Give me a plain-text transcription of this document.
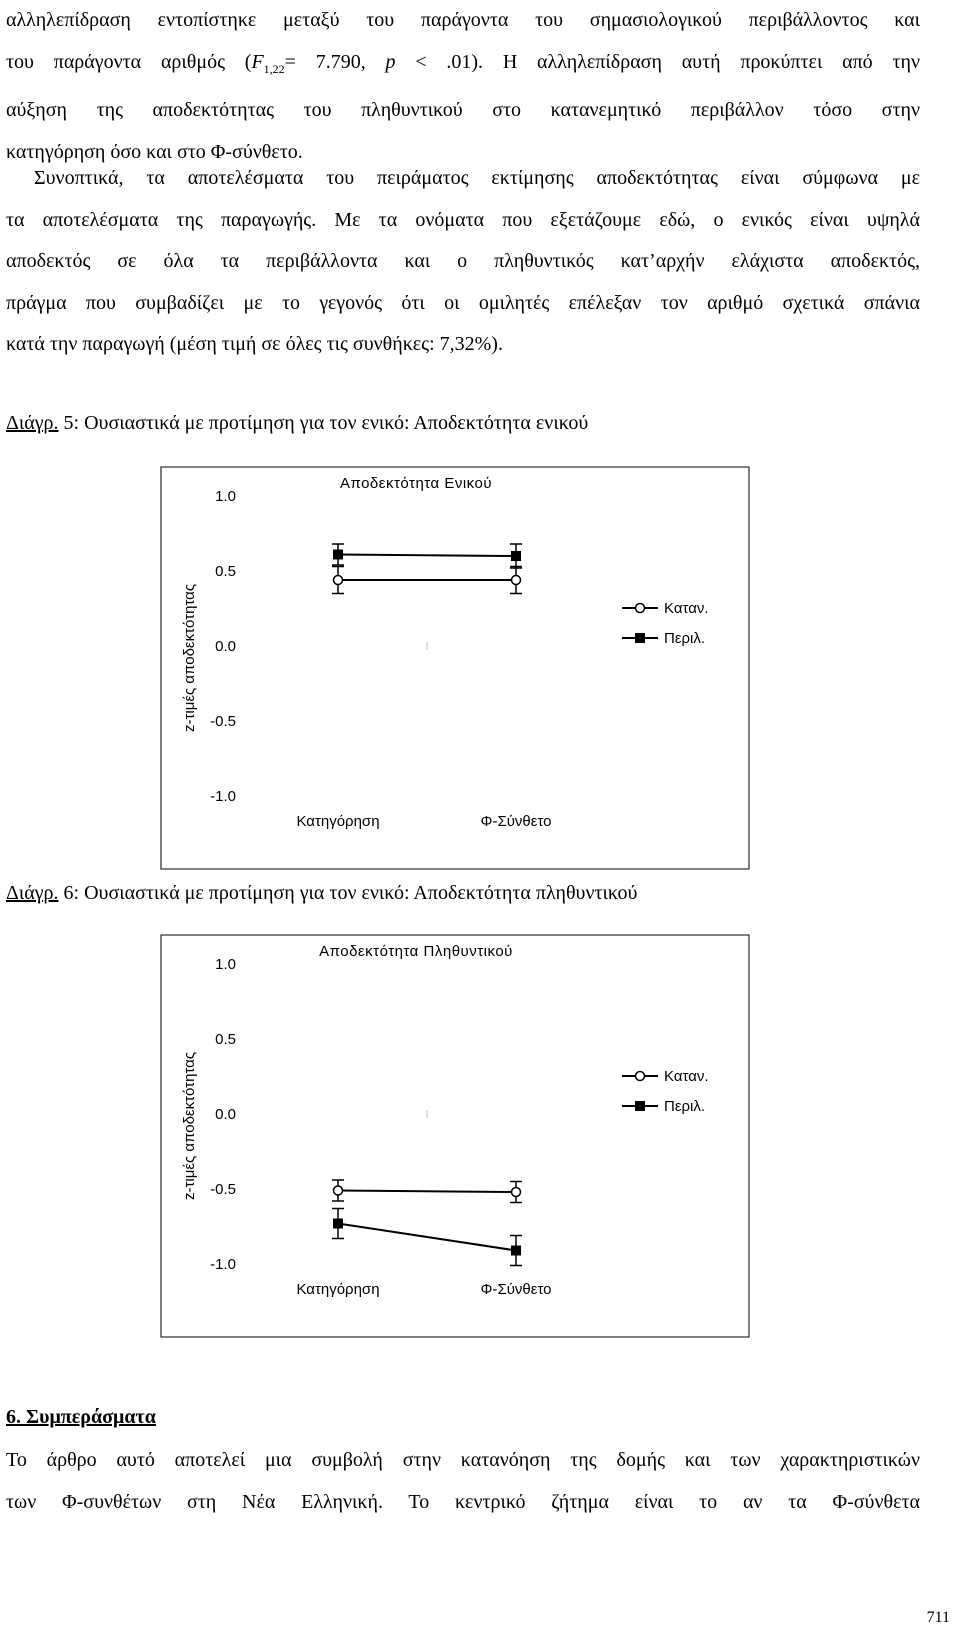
αλληλεπίδραση εντοπίστηκε μεταξύ του παράγοντα του σημασιολογικού περιβάλλοντος και
του παράγοντα αριθμός ($F_{1,22}= 7.790$, p < .01). Η αλληλεπίδραση αυτή προκύπτει από την
αύξηση της αποδεκτότητας του πληθυντικού στο κατανεμητικό περιβάλλον τόσο στην
κατηγόρηση όσο και στο Φ-σύνθετο.

Συνοπτικά, τα αποτελέσματα του πειράματος εκτίμησης αποδεκτότητας είναι σύμφωνα με
τα αποτελέσματα της παραγωγής. Με τα ονόματα που εξετάζουμε εδώ, ο ενικός είναι υψηλά
αποδεκτός σε όλα τα περιβάλλοντα και ο πληθυντικός κατ’αρχήν ελάχιστα αποδεκτός,
πράγμα που συμβαδίζει με το γεγονός ότι οι ομιλητές επέλεξαν τον αριθμό σχετικά σπάνια
κατά την παραγωγή (μέση τιμή σε όλες τις συνθήκες: 7,32%).

Διάγρ. 5: Ουσιαστικά με προτίμηση για τον ενικό: Αποδεκτότητα ενικού
Αποδεκτότητα Ενικού
z-τιμές αποδεκτότητας
1.0
0.5
0.0
-0.5
-1.0
Κατηγόρηση	Φ-Σύνθετο
Καταν.
Περιλ.
Διάγρ. 6: Ουσιαστικά με προτίμηση για τον ενικό: Αποδεκτότητα πληθυντικού
Αποδεκτότητα Πληθυντικού
z-τιμές αποδεκτότητας
1.0
0.5
0.0
-0.5
-1.0
Κατηγόρηση	Φ-Σύνθετο
Καταν.
Περιλ.
6. Συμπεράσματα

Το άρθρο αυτό αποτελεί μια συμβολή στην κατανόηση της δομής και των χαρακτηριστικών
των Φ-συνθέτων στη Νέα Ελληνική. Το κεντρικό ζήτημα είναι το αν τα Φ-σύνθετα

711
